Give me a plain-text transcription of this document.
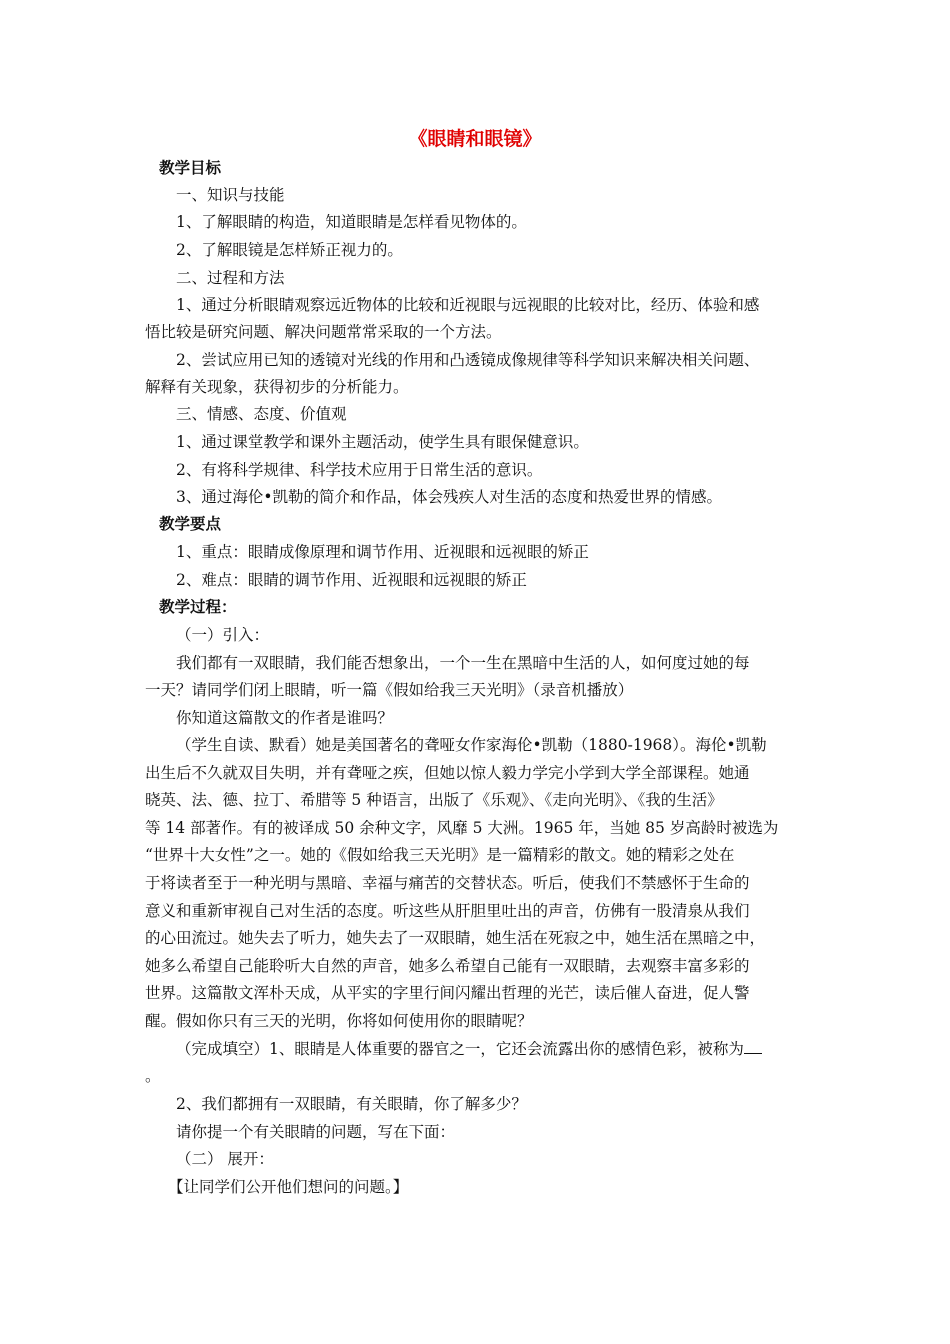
《眼睛和眼镜》
教学目标
一、知识与技能
1、了解眼睛的构造，知道眼睛是怎样看见物体的。
2、了解眼镜是怎样矫正视力的。
二、过程和方法
1、通过分析眼睛观察远近物体的比较和近视眼与远视眼的比较对比，经历、体验和感
悟比较是研究问题、解决问题常常采取的一个方法。
2、尝试应用已知的透镜对光线的作用和凸透镜成像规律等科学知识来解决相关问题、
解释有关现象，获得初步的分析能力。
三、情感、态度、价值观
1、通过课堂教学和课外主题活动，使学生具有眼保健意识。
2、有将科学规律、科学技术应用于日常生活的意识。
3、通过海伦•凯勒的简介和作品，体会残疾人对生活的态度和热爱世界的情感。
教学要点
1、重点：眼睛成像原理和调节作用、近视眼和远视眼的矫正
2、难点：眼睛的调节作用、近视眼和远视眼的矫正
教学过程：
（一）引入：
我们都有一双眼睛，我们能否想象出，一个一生在黑暗中生活的人，如何度过她的每
一天？请同学们闭上眼睛，听一篇《假如给我三天光明》（录音机播放）
你知道这篇散文的作者是谁吗？
（学生自读、默看）她是美国著名的聋哑女作家海伦•凯勒（1880-1968）。海伦•凯勒
出生后不久就双目失明，并有聋哑之疾，但她以惊人毅力学完小学到大学全部课程。她通
晓英、法、德、拉丁、希腊等 5 种语言，出版了《乐观》、《走向光明》、《我的生活》
等 14 部著作。有的被译成 50 余种文字，风靡 5 大洲。1965 年，当她 85 岁高龄时被选为
“世界十大女性”之一。她的《假如给我三天光明》是一篇精彩的散文。她的精彩之处在
于将读者至于一种光明与黑暗、幸福与痛苦的交替状态。听后，使我们不禁感怀于生命的
意义和重新审视自己对生活的态度。听这些从肝胆里吐出的声音，仿佛有一股清泉从我们
的心田流过。她失去了听力，她失去了一双眼睛，她生活在死寂之中，她生活在黑暗之中，
她多么希望自己能聆听大自然的声音，她多么希望自己能有一双眼睛，去观察丰富多彩的
世界。这篇散文浑朴天成，从平实的字里行间闪耀出哲理的光芒，读后催人奋进，促人警
醒。假如你只有三天的光明，你将如何使用你的眼睛呢？
（完成填空）1、眼睛是人体重要的器官之一，它还会流露出你的感情色彩，被称为
。
2、我们都拥有一双眼睛，有关眼睛，你了解多少？
请你提一个有关眼睛的问题，写在下面：
（二） 展开：
【让同学们公开他们想问的问题。】
